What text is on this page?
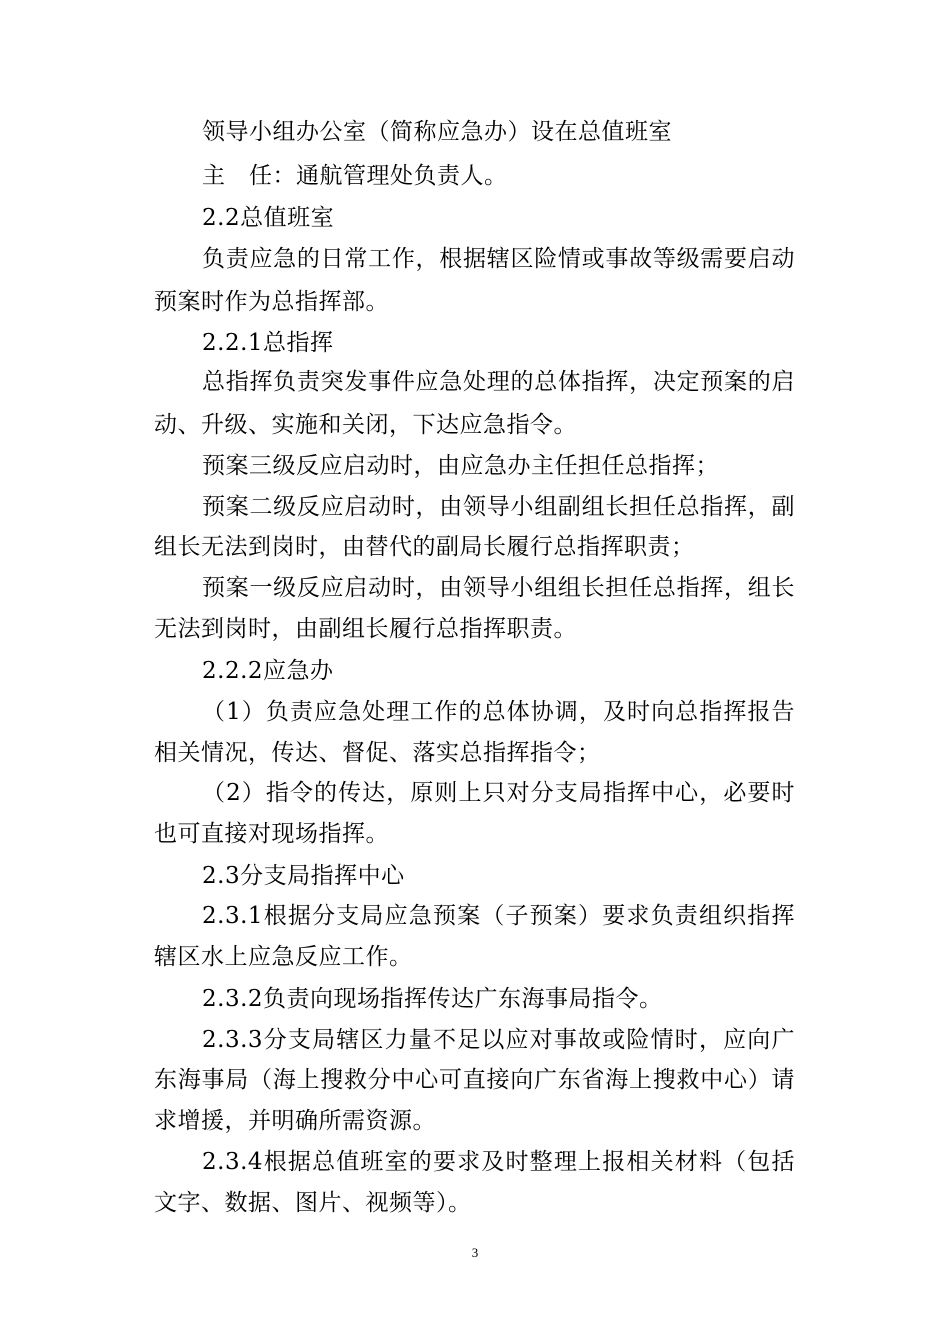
领导小组办公室（简称应急办）设在总值班室
主　任：通航管理处负责人。
2.2总值班室
负责应急的日常工作，根据辖区险情或事故等级需要启动
预案时作为总指挥部。
2.2.1总指挥
总指挥负责突发事件应急处理的总体指挥，决定预案的启
动、升级、实施和关闭，下达应急指令。
预案三级反应启动时，由应急办主任担任总指挥；
预案二级反应启动时，由领导小组副组长担任总指挥，副
组长无法到岗时，由替代的副局长履行总指挥职责；
预案一级反应启动时，由领导小组组长担任总指挥，组长
无法到岗时，由副组长履行总指挥职责。
2.2.2应急办
（1）负责应急处理工作的总体协调，及时向总指挥报告
相关情况，传达、督促、落实总指挥指令；
（2）指令的传达，原则上只对分支局指挥中心，必要时
也可直接对现场指挥。
2.3分支局指挥中心
2.3.1根据分支局应急预案（子预案）要求负责组织指挥
辖区水上应急反应工作。
2.3.2负责向现场指挥传达广东海事局指令。
2.3.3分支局辖区力量不足以应对事故或险情时，应向广
东海事局（海上搜救分中心可直接向广东省海上搜救中心）请
求增援，并明确所需资源。
2.3.4根据总值班室的要求及时整理上报相关材料（包括
文字、数据、图片、视频等）。
3
